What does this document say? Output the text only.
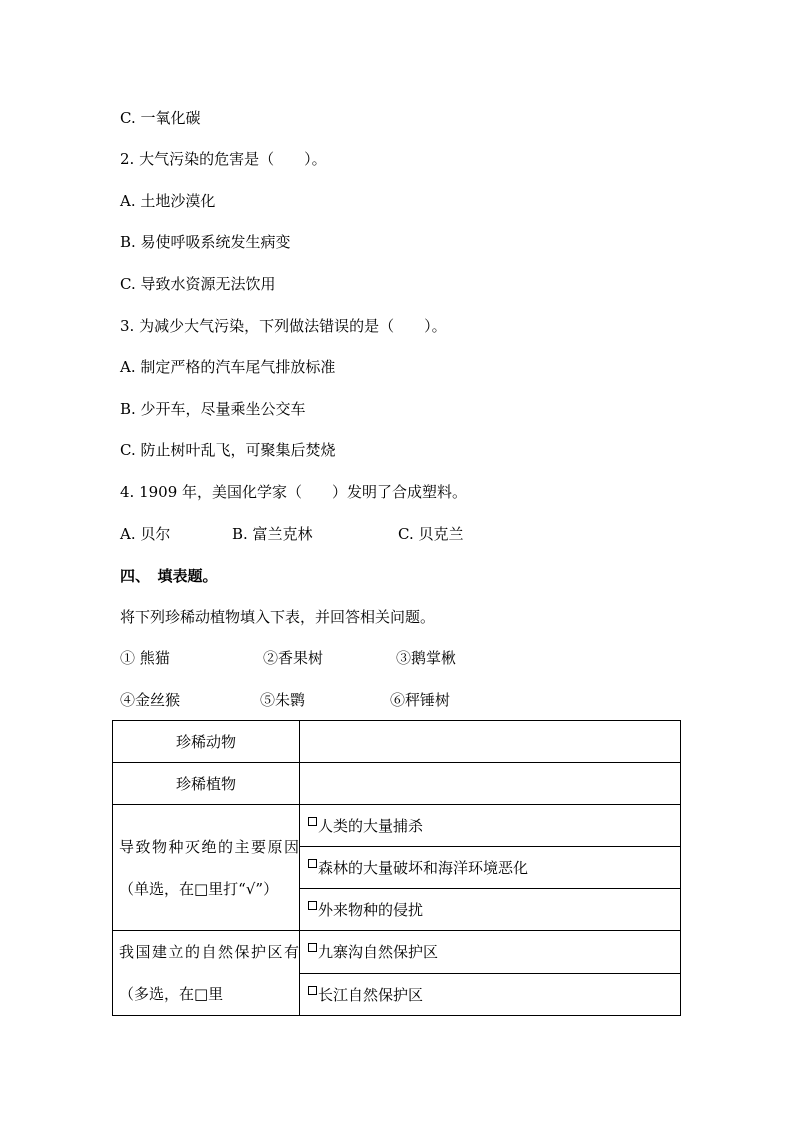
C. 一氧化碳
2. 大气污染的危害是（　　）。
A. 土地沙漠化
B. 易使呼吸系统发生病变
C. 导致水资源无法饮用
3. 为减少大气污染，下列做法错误的是（　　）。
A. 制定严格的汽车尾气排放标准
B. 少开车，尽量乘坐公交车
C. 防止树叶乱飞，可聚集后焚烧
4. 1909 年，美国化学家（　　）发明了合成塑料。
A. 贝尔	B. 富兰克林	C. 贝克兰
四、　填表题。
将下列珍稀动植物填入下表，并回答相关问题。
① 熊猫	②香果树	③鹅掌楸
④金丝猴	⑤朱鹮	⑥秤锤树
珍稀动物	
珍稀植物	
导致物种灭绝的主要原因（单选，在□里打“√”）	人类的大量捕杀
	森林的大量破坏和海洋环境恶化
	外来物种的侵扰
我国建立的自然保护区有（多选，在□里	九寨沟自然保护区
	长江自然保护区
